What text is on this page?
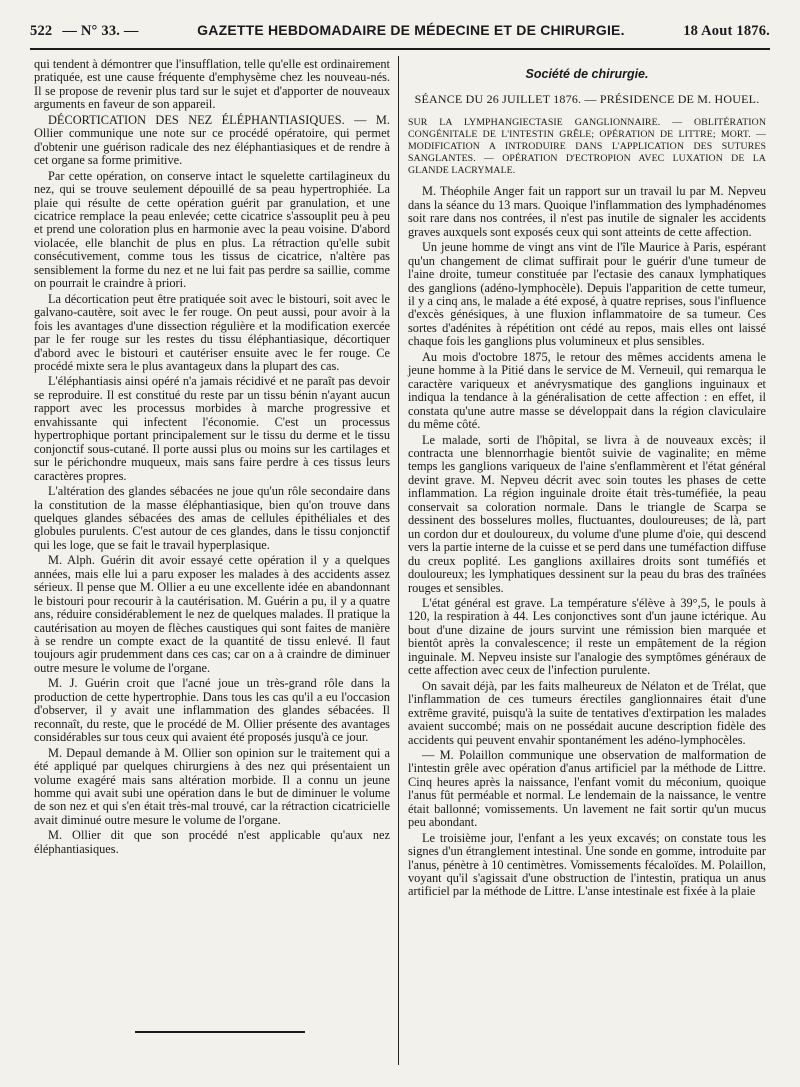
522 — N° 33. —	GAZETTE HEBDOMADAIRE DE MÉDECINE ET DE CHIRURGIE.	18 Aout 1876.

qui tendent à démontrer que l'insufflation, telle qu'elle est ordinairement pratiquée, est une cause fréquente d'emphysème chez les nouveau-nés. Il se propose de revenir plus tard sur le sujet et d'apporter de nouveaux arguments en faveur de son appareil.

DÉCORTICATION DES NEZ ÉLÉPHANTIASIQUES. — M. Ollier communique une note sur ce procédé opératoire, qui permet d'obtenir une guérison radicale des nez éléphantiasiques et de rendre à cet organe sa forme primitive.

Par cette opération, on conserve intact le squelette cartilagineux du nez, qui se trouve seulement dépouillé de sa peau hypertrophiée. La plaie qui résulte de cette opération guérit par granulation, et une cicatrice remplace la peau enlevée; cette cicatrice s'assouplit peu à peu et prend une coloration plus en harmonie avec la peau voisine. D'abord violacée, elle blanchit de plus en plus. La rétraction qu'elle subit consécutivement, comme tous les tissus de cicatrice, n'altère pas sensiblement la forme du nez et ne lui fait pas perdre sa saillie, comme on pourrait le craindre à priori.

La décortication peut être pratiquée soit avec le bistouri, soit avec le galvano-cautère, soit avec le fer rouge. On peut aussi, pour avoir à la fois les avantages d'une dissection régulière et la modification exercée par le fer rouge sur les restes du tissu éléphantiasique, décortiquer d'abord avec le bistouri et cautériser ensuite avec le fer rouge. Ce procédé mixte sera le plus avantageux dans la plupart des cas.

L'éléphantiasis ainsi opéré n'a jamais récidivé et ne paraît pas devoir se reproduire. Il est constitué du reste par un tissu bénin n'ayant aucun rapport avec les processus morbides à marche progressive et envahissante qui infectent l'économie. C'est un processus hypertrophique portant principalement sur le tissu du derme et le tissu conjonctif sous-cutané. Il porte aussi plus ou moins sur les cartilages et sur le périchondre muqueux, mais sans faire perdre à ces tissus leurs caractères propres.

L'altération des glandes sébacées ne joue qu'un rôle secondaire dans la constitution de la masse éléphantiasique, bien qu'on trouve dans quelques glandes sébacées des amas de cellules épithéliales et des globules purulents. C'est autour de ces glandes, dans le tissu conjonctif qui les loge, que se fait le travail hyperplasique.

M. Alph. Guérin dit avoir essayé cette opération il y a quelques années, mais elle lui a paru exposer les malades à des accidents assez sérieux. Il pense que M. Ollier a eu une excellente idée en abandonnant le bistouri pour recourir à la cautérisation. M. Guérin a pu, il y a quatre ans, réduire considérablement le nez de quelques malades. Il pratique la cautérisation au moyen de flèches caustiques qui sont faites de manière à se rendre un compte exact de la quantité de tissu enlevé. Il faut toujours agir prudemment dans ces cas; car on a à craindre de diminuer outre mesure le volume de l'organe.

M. J. Guérin croit que l'acné joue un très-grand rôle dans la production de cette hypertrophie. Dans tous les cas qu'il a eu l'occasion d'observer, il y avait une inflammation des glandes sébacées. Il reconnaît, du reste, que le procédé de M. Ollier présente des avantages considérables sur tous ceux qui avaient été proposés jusqu'à ce jour.

M. Depaul demande à M. Ollier son opinion sur le traitement qui a été appliqué par quelques chirurgiens à des nez qui présentaient un volume exagéré mais sans altération morbide. Il a connu un jeune homme qui avait subi une opération dans le but de diminuer le volume de son nez et qui s'en était très-mal trouvé, car la rétraction cicatricielle avait diminué outre mesure le volume de l'organe.

M. Ollier dit que son procédé n'est applicable qu'aux nez éléphantiasiques.

Société de chirurgie.
SÉANCE DU 26 JUILLET 1876. — PRÉSIDENCE DE M. HOUEL.
SUR LA LYMPHANGIECTASIE GANGLIONNAIRE. — OBLITÉRATION CONGÉNITALE DE L'INTESTIN GRÊLE; OPÉRATION DE LITTRE; MORT. — MODIFICATION A INTRODUIRE DANS L'APPLICATION DES SUTURES SANGLANTES. — OPÉRATION D'ECTROPION AVEC LUXATION DE LA GLANDE LACRYMALE.

M. Théophile Anger fait un rapport sur un travail lu par M. Nepveu dans la séance du 13 mars. Quoique l'inflammation des lymphadénomes soit rare dans nos contrées, il n'est pas inutile de signaler les accidents graves auxquels sont exposés ceux qui sont atteints de cette affection.

Un jeune homme de vingt ans vint de l'île Maurice à Paris, espérant qu'un changement de climat suffirait pour le guérir d'une tumeur de l'aine droite, tumeur constituée par l'ectasie des canaux lymphatiques des ganglions (adéno-lymphocèle). Depuis l'apparition de cette tumeur, il y a cinq ans, le malade a été exposé, à quatre reprises, sous l'influence d'excès génésiques, à une fluxion inflammatoire de sa tumeur. Ces sortes d'adénites à répétition ont cédé au repos, mais elles ont laissé chaque fois les ganglions plus volumineux et plus sensibles.

Au mois d'octobre 1875, le retour des mêmes accidents amena le jeune homme à la Pitié dans le service de M. Verneuil, qui remarqua le caractère variqueux et anévrysmatique des ganglions inguinaux et indiqua la tendance à la généralisation de cette affection : en effet, il constata qu'une autre masse se développait dans la région claviculaire du même côté.

Le malade, sorti de l'hôpital, se livra à de nouveaux excès; il contracta une blennorrhagie bientôt suivie de vaginalite; en même temps les ganglions variqueux de l'aine s'enflammèrent et l'état général devint grave. M. Nepveu décrit avec soin toutes les phases de cette inflammation. La région inguinale droite était très-tuméfiée, la peau conservait sa coloration normale. Dans le triangle de Scarpa se dessinent des bosselures molles, fluctuantes, douloureuses; de là, part un cordon dur et douloureux, du volume d'une plume d'oie, qui descend vers la partie interne de la cuisse et se perd dans une tuméfaction diffuse du creux poplité. Les ganglions axillaires droits sont tuméfiés et douloureux; les lymphatiques dessinent sur la peau du bras des traînées rouges et sensibles.

L'état général est grave. La température s'élève à 39°,5, le pouls à 120, la respiration à 44. Les conjonctives sont d'un jaune ictérique. Au bout d'une dizaine de jours survint une rémission bien marquée et bientôt après la convalescence; il reste un empâtement de la région inguinale. M. Nepveu insiste sur l'analogie des symptômes généraux de cette affection avec ceux de l'infection purulente.

On savait déjà, par les faits malheureux de Nélaton et de Trélat, que l'inflammation de ces tumeurs érectiles ganglionnaires était d'une extrême gravité, puisqu'à la suite de tentatives d'extirpation les malades avaient succombé; mais on ne possédait aucune description fidèle des accidents qui peuvent envahir spontanément les adéno-lymphocèles.

— M. Polaillon communique une observation de malformation de l'intestin grêle avec opération d'anus artificiel par la méthode de Littre. Cinq heures après la naissance, l'enfant vomit du méconium, quoique l'anus fût perméable et normal. Le lendemain de la naissance, le ventre était ballonné; vomissements. Un lavement ne fait sortir qu'un mucus peu abondant.

Le troisième jour, l'enfant a les yeux excavés; on constate tous les signes d'un étranglement intestinal. Une sonde en gomme, introduite par l'anus, pénètre à 10 centimètres. Vomissements fécaloïdes. M. Polaillon, voyant qu'il s'agissait d'une obstruction de l'intestin, pratiqua un anus artificiel par la méthode de Littre. L'anse intestinale est fixée à la plaie
